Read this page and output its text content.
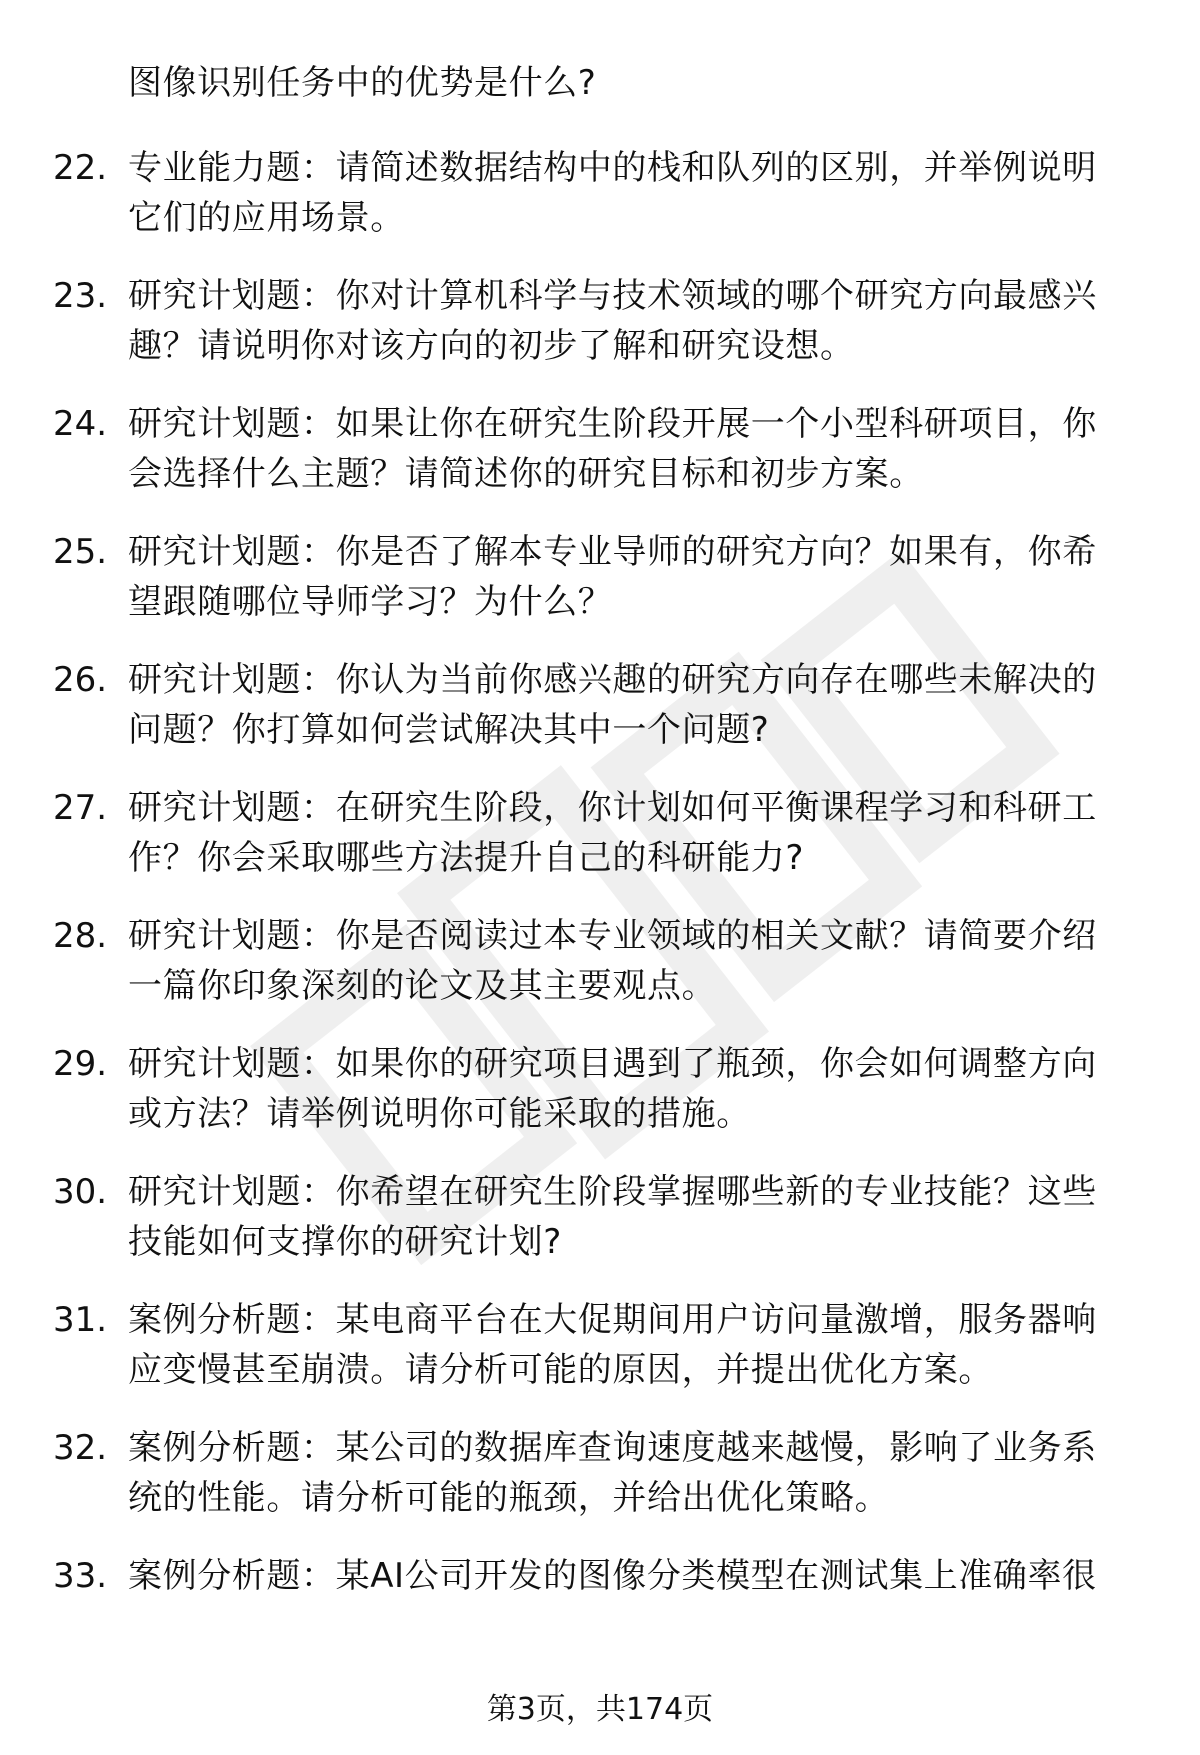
图像识别任务中的优势是什么?
22. 专业能力题：请简述数据结构中的栈和队列的区别，并举例说明
它们的应用场景。
23. 研究计划题：你对计算机科学与技术领域的哪个研究方向最感兴
趣？请说明你对该方向的初步了解和研究设想。
24. 研究计划题：如果让你在研究生阶段开展一个小型科研项目，你
会选择什么主题？请简述你的研究目标和初步方案。
25. 研究计划题：你是否了解本专业导师的研究方向？如果有，你希
望跟随哪位导师学习？为什么？
26. 研究计划题：你认为当前你感兴趣的研究方向存在哪些未解决的
问题？你打算如何尝试解决其中一个问题?
27. 研究计划题：在研究生阶段，你计划如何平衡课程学习和科研工
作？你会采取哪些方法提升自己的科研能力?
28. 研究计划题：你是否阅读过本专业领域的相关文献？请简要介绍
一篇你印象深刻的论文及其主要观点。
29. 研究计划题：如果你的研究项目遇到了瓶颈，你会如何调整方向
或方法？请举例说明你可能采取的措施。
30. 研究计划题：你希望在研究生阶段掌握哪些新的专业技能？这些
技能如何支撑你的研究计划?
31. 案例分析题：某电商平台在大促期间用户访问量激增，服务器响
应变慢甚至崩溃。请分析可能的原因，并提出优化方案。
32. 案例分析题：某公司的数据库查询速度越来越慢，影响了业务系
统的性能。请分析可能的瓶颈，并给出优化策略。
33. 案例分析题：某AI公司开发的图像分类模型在测试集上准确率很
第3页，共174页
